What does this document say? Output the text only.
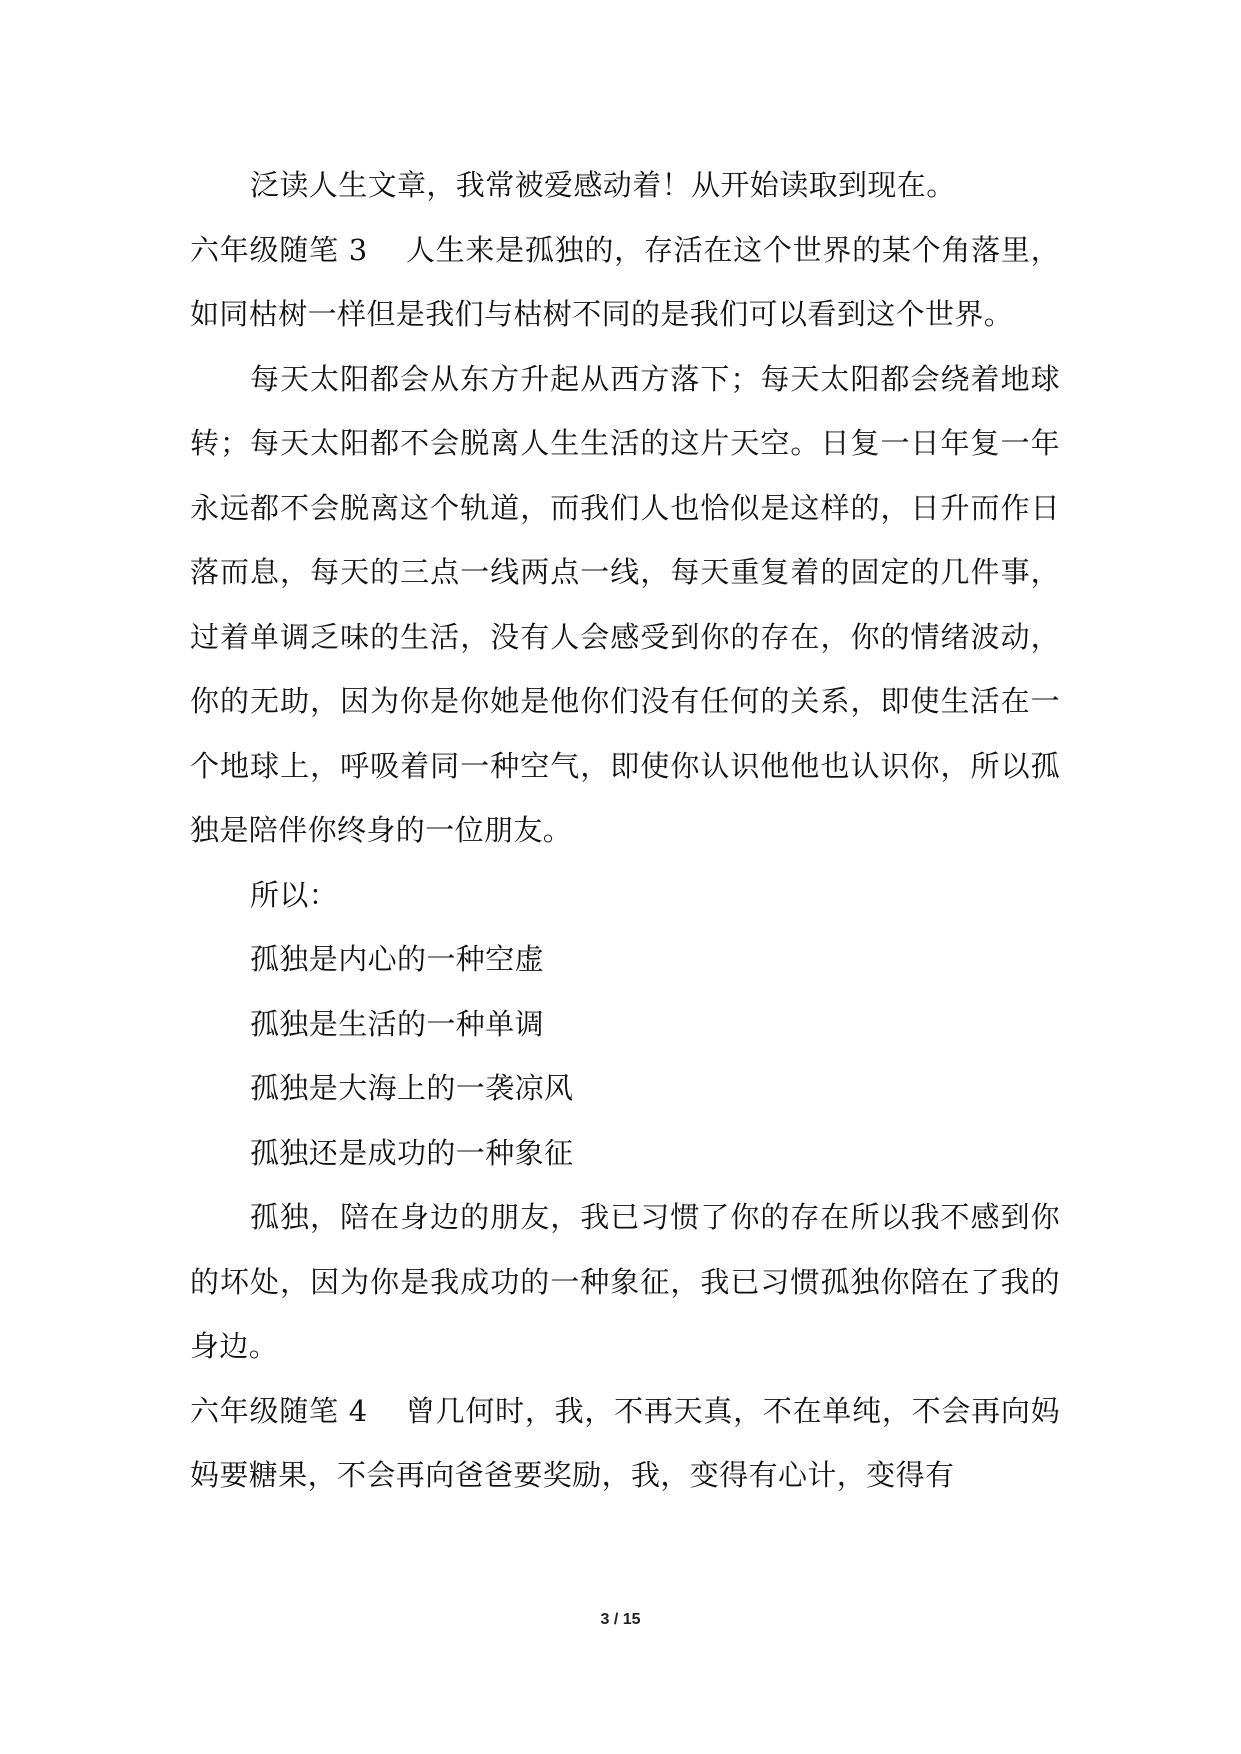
泛读人生文章，我常被爱感动着！从开始读取到现在。

六年级随笔 3 人生来是孤独的，存活在这个世界的某个角落里，如同枯树一样但是我们与枯树不同的是我们可以看到这个世界。

每天太阳都会从东方升起从西方落下；每天太阳都会绕着地球转；每天太阳都不会脱离人生生活的这片天空。日复一日年复一年永远都不会脱离这个轨道，而我们人也恰似是这样的，日升而作日落而息，每天的三点一线两点一线，每天重复着的固定的几件事，过着单调乏味的生活，没有人会感受到你的存在，你的情绪波动，你的无助，因为你是你她是他你们没有任何的关系，即使生活在一个地球上，呼吸着同一种空气，即使你认识他他也认识你，所以孤独是陪伴你终身的一位朋友。

所以：

孤独是内心的一种空虚

孤独是生活的一种单调

孤独是大海上的一袭凉风

孤独还是成功的一种象征

孤独，陪在身边的朋友，我已习惯了你的存在所以我不感到你的坏处，因为你是我成功的一种象征，我已习惯孤独你陪在了我的身边。

六年级随笔 4 曾几何时，我，不再天真，不在单纯，不会再向妈妈要糖果，不会再向爸爸要奖励，我，变得有心计，变得有

3 / 15
